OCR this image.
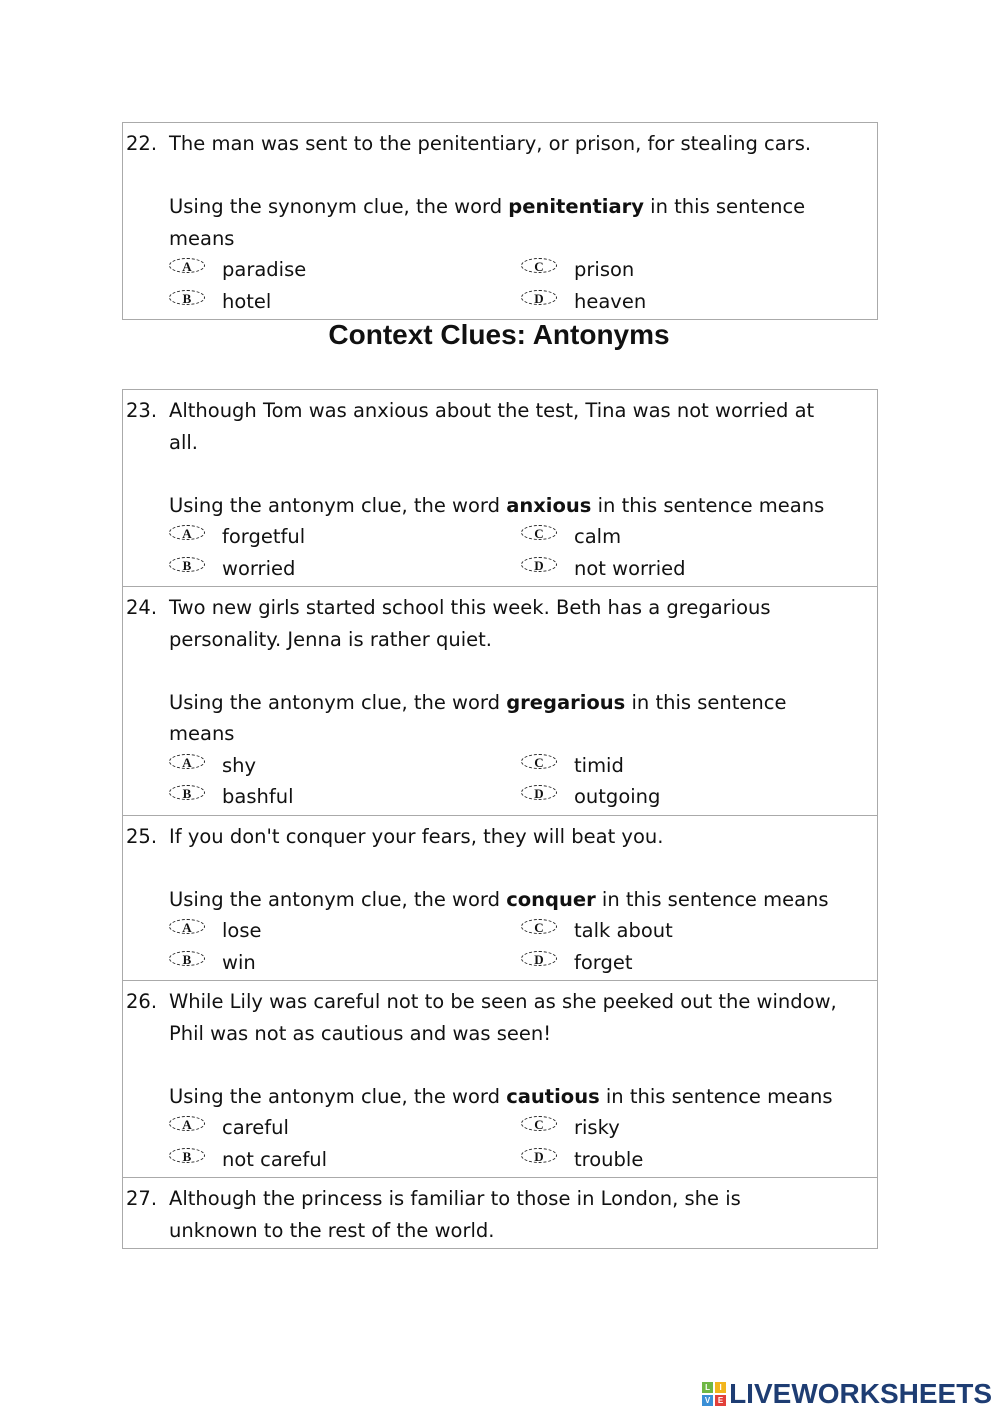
22. The man was sent to the penitentiary, or prison, for stealing cars.
Using the synonym clue, the word penitentiary in this sentence
means
A	paradise	C	prison
B	hotel	D	heaven
Context Clues: Antonyms
23. Although Tom was anxious about the test, Tina was not worried at
all.
Using the antonym clue, the word anxious in this sentence means
A	forgetful	C	calm
B	worried	D	not worried
24. Two new girls started school this week. Beth has a gregarious
personality. Jenna is rather quiet.
Using the antonym clue, the word gregarious in this sentence
means
A	shy	C	timid
B	bashful	D	outgoing
25. If you don't conquer your fears, they will beat you.
Using the antonym clue, the word conquer in this sentence means
A	lose	C	talk about
B	win	D	forget
26. While Lily was careful not to be seen as she peeked out the window,
Phil was not as cautious and was seen!
Using the antonym clue, the word cautious in this sentence means
A	careful	C	risky
B	not careful	D	trouble
27. Although the princess is familiar to those in London, she is
unknown to the rest of the world.
L	I
V E LIVEWORKSHEETS
